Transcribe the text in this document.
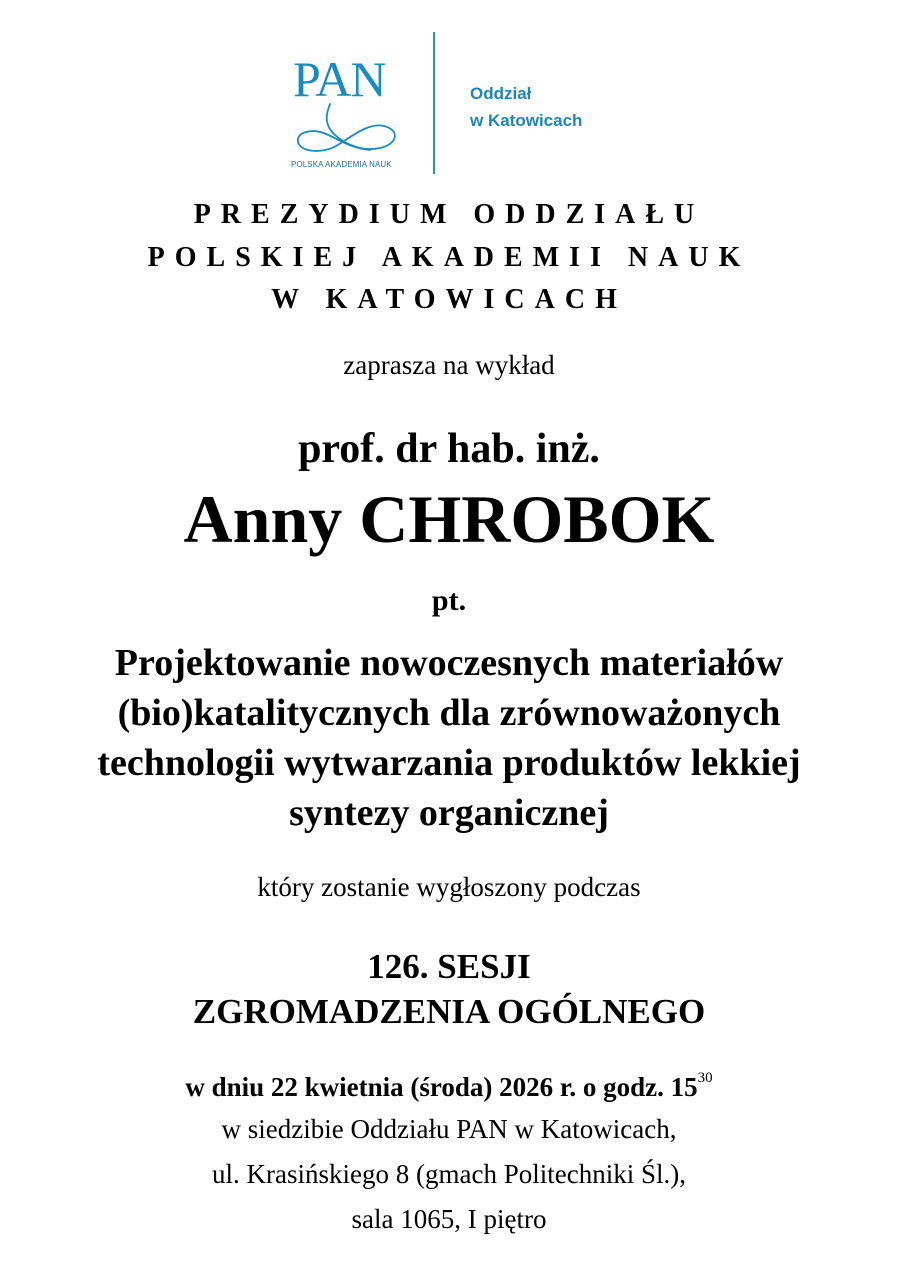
PAN
POLSKA AKADEMIA NAUK
Oddział
w Katowicach
PREZYDIUM ODDZIAŁU
POLSKIEJ AKADEMII NAUK
W KATOWICACH
zaprasza na wykład
prof. dr hab. inż.
Anny CHROBOK
pt.
Projektowanie nowoczesnych materiałów
(bio)katalitycznych dla zrównoważonych
technologii wytwarzania produktów lekkiej
syntezy organicznej
który zostanie wygłoszony podczas
126. SESJI
ZGROMADZENIA OGÓLNEGO
w dniu 22 kwietnia (środa) 2026 r. o godz. $15^{30}$
w siedzibie Oddziału PAN w Katowicach,
ul. Krasińskiego 8 (gmach Politechniki Śl.),
sala 1065, I piętro
